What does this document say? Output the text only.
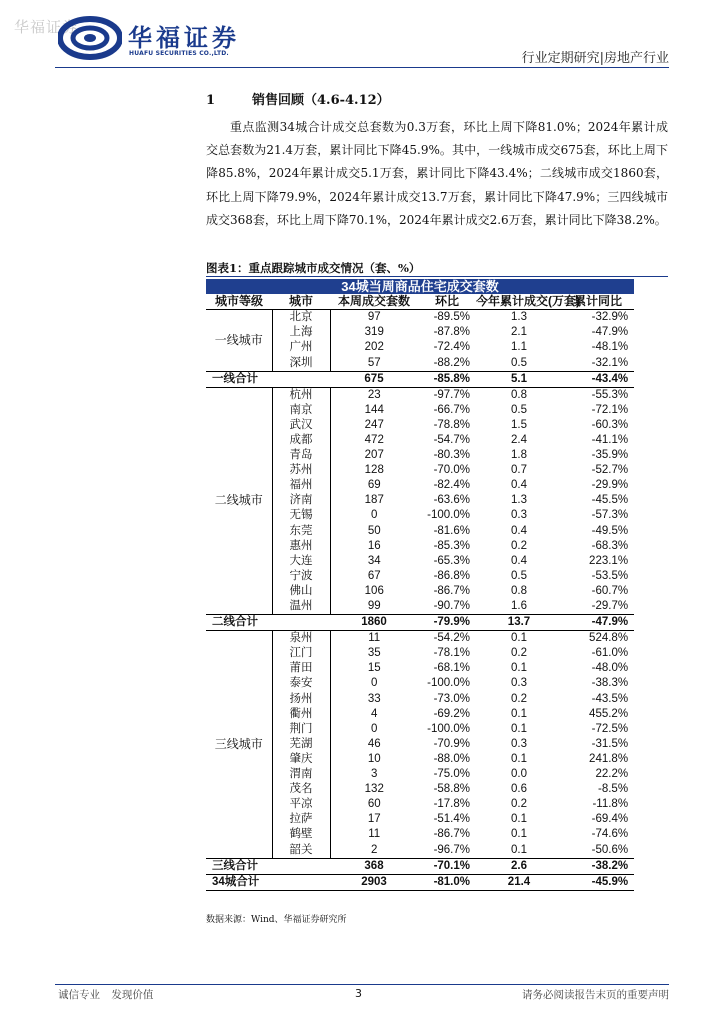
华福证券 华福证券
HUAFU SECURITIES CO.,LTD.	行业定期研究|房地产行业
1	销售回顾（4.6-4.12）
重点监测34城合计成交总套数为0.3万套，环比上周下降81.0%；2024年累计成交总套数为21.4万套，累计同比下降45.9%。其中，一线城市成交675套，环比上周下降85.8%，2024年累计成交5.1万套，累计同比下降43.4%；二线城市成交1860套，环比上周下降79.9%，2024年累计成交13.7万套，累计同比下降47.9%；三四线城市成交368套，环比上周下降70.1%，2024年累计成交2.6万套，累计同比下降38.2%。
图表1：重点跟踪城市成交情况（套、%）
34城当周商品住宅成交套数					
城市等级	城市	本周成交套数	环比	今年累计成交(万套)	累计同比
一线城市	北京	97	-89.5%	1.3	-32.9%
	上海	319	-87.8%	2.1	-47.9%
	广州	202	-72.4%	1.1	-48.1%
	深圳	57	-88.2%	0.5	-32.1%
一线合计		675	-85.8%	5.1	-43.4%
二线城市	杭州	23	-97.7%	0.8	-55.3%
	南京	144	-66.7%	0.5	-72.1%
	武汉	247	-78.8%	1.5	-60.3%
	成都	472	-54.7%	2.4	-41.1%
	青岛	207	-80.3%	1.8	-35.9%
	苏州	128	-70.0%	0.7	-52.7%
	福州	69	-82.4%	0.4	-29.9%
	济南	187	-63.6%	1.3	-45.5%
	无锡	0	-100.0%	0.3	-57.3%
	东莞	50	-81.6%	0.4	-49.5%
	惠州	16	-85.3%	0.2	-68.3%
	大连	34	-65.3%	0.4	223.1%
	宁波	67	-86.8%	0.5	-53.5%
	佛山	106	-86.7%	0.8	-60.7%
	温州	99	-90.7%	1.6	-29.7%
二线合计		1860	-79.9%	13.7	-47.9%
三线城市	泉州	11	-54.2%	0.1	524.8%
	江门	35	-78.1%	0.2	-61.0%
	莆田	15	-68.1%	0.1	-48.0%
	泰安	0	-100.0%	0.3	-38.3%
	扬州	33	-73.0%	0.2	-43.5%
	衢州	4	-69.2%	0.1	455.2%
	荆门	0	-100.0%	0.1	-72.5%
	芜湖	46	-70.9%	0.3	-31.5%
	肇庆	10	-88.0%	0.1	241.8%
	渭南	3	-75.0%	0.0	22.2%
	茂名	132	-58.8%	0.6	-8.5%
	平凉	60	-17.8%	0.2	-11.8%
	拉萨	17	-51.4%	0.1	-69.4%
	鹤壁	11	-86.7%	0.1	-74.6%
	韶关	2	-96.7%	0.1	-50.6%
三线合计		368	-70.1%	2.6	-38.2%
34城合计		2903	-81.0%	21.4	-45.9%
数据来源：Wind、华福证券研究所
诚信专业 发现价值	3	请务必阅读报告末页的重要声明
